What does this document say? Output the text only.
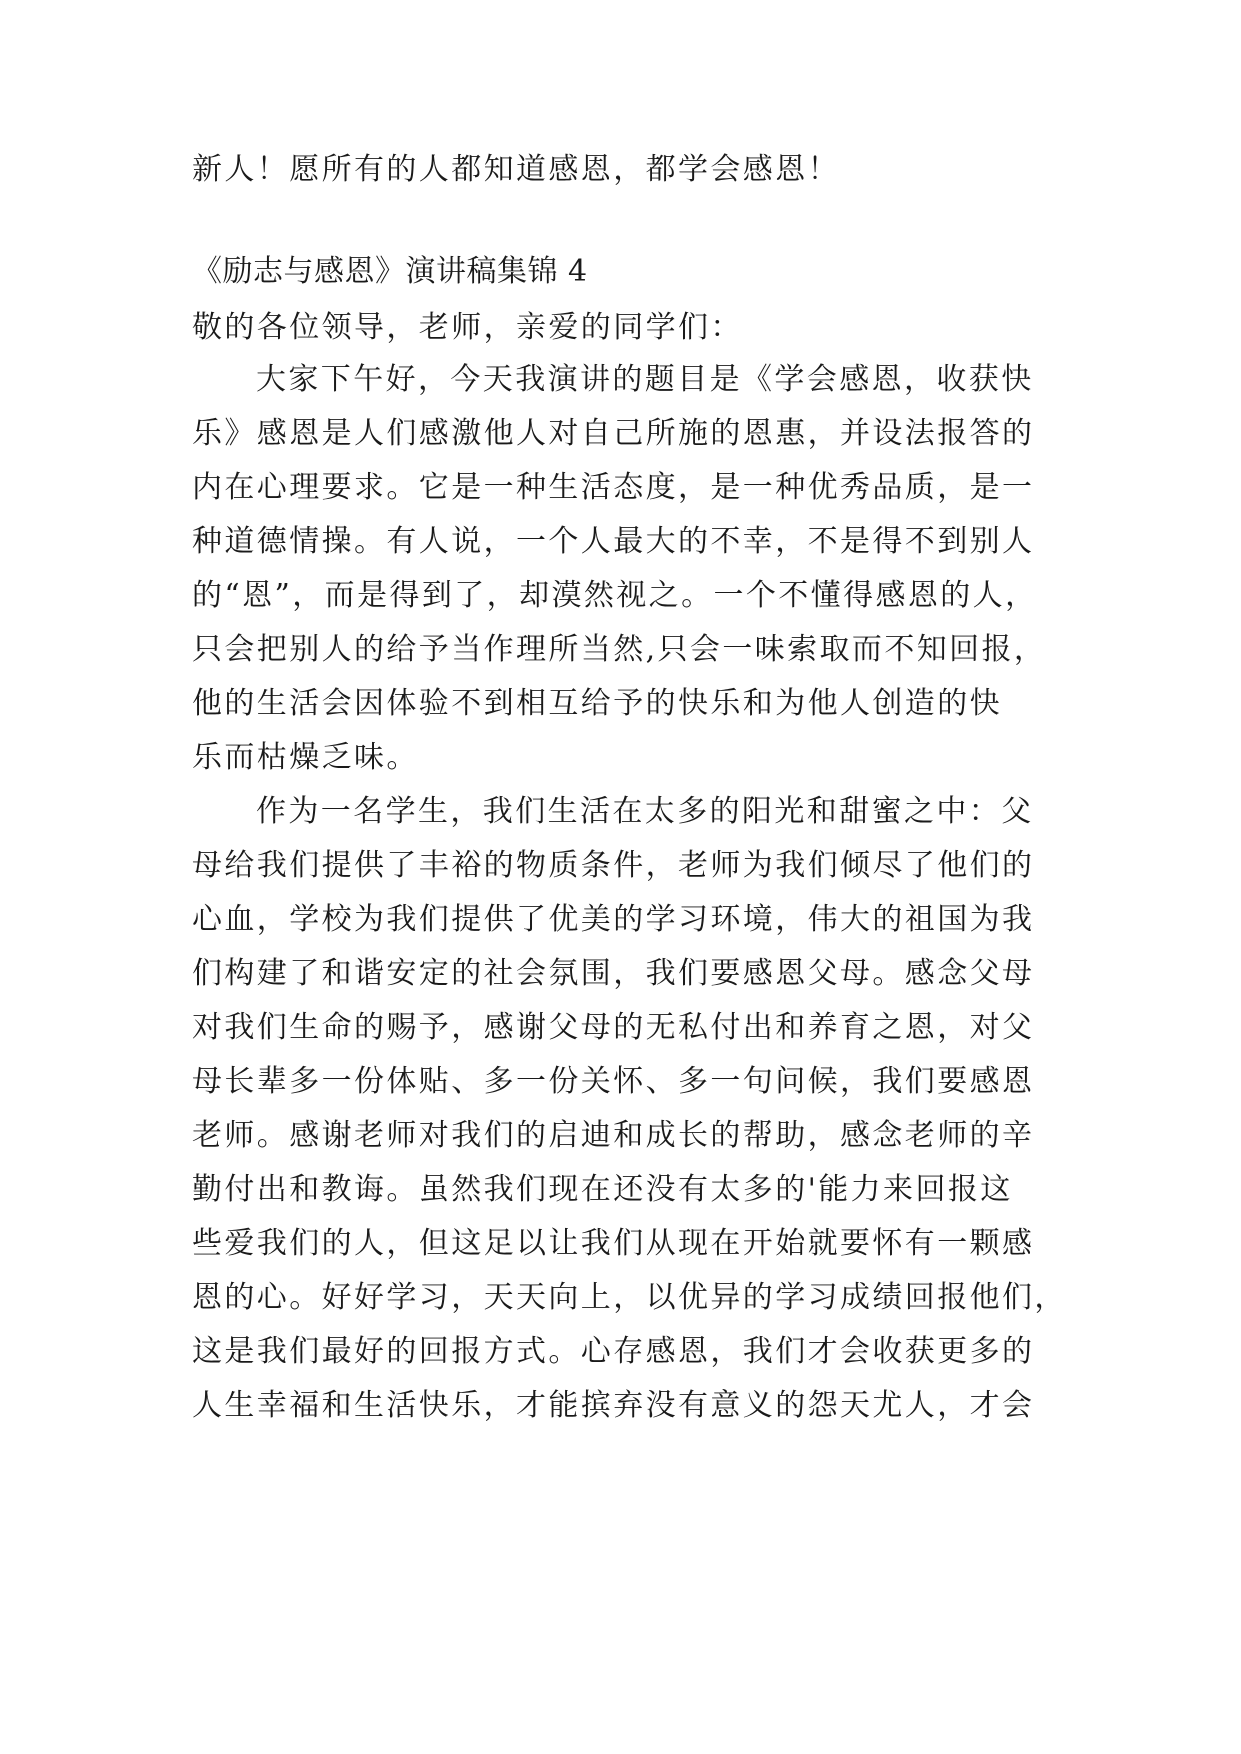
新人！愿所有的人都知道感恩，都学会感恩！
《励志与感恩》演讲稿集锦 4
敬的各位领导，老师，亲爱的同学们：
大家下午好，今天我演讲的题目是《学会感恩，收获快
乐》感恩是人们感激他人对自己所施的恩惠，并设法报答的
内在心理要求。它是一种生活态度，是一种优秀品质，是一
种道德情操。有人说，一个人最大的不幸，不是得不到别人
的“恩”，而是得到了，却漠然视之。一个不懂得感恩的人，
只会把别人的给予当作理所当然,只会一味索取而不知回报，
他的生活会因体验不到相互给予的快乐和为他人创造的快
乐而枯燥乏味。
作为一名学生，我们生活在太多的阳光和甜蜜之中：父
母给我们提供了丰裕的物质条件，老师为我们倾尽了他们的
心血，学校为我们提供了优美的学习环境，伟大的祖国为我
们构建了和谐安定的社会氛围，我们要感恩父母。感念父母
对我们生命的赐予，感谢父母的无私付出和养育之恩，对父
母长辈多一份体贴、多一份关怀、多一句问候，我们要感恩
老师。感谢老师对我们的启迪和成长的帮助，感念老师的辛
勤付出和教诲。虽然我们现在还没有太多的'能力来回报这
些爱我们的人，但这足以让我们从现在开始就要怀有一颗感
恩的心。好好学习，天天向上，以优异的学习成绩回报他们，
这是我们最好的回报方式。心存感恩，我们才会收获更多的
人生幸福和生活快乐，才能摈弃没有意义的怨天尤人，才会
